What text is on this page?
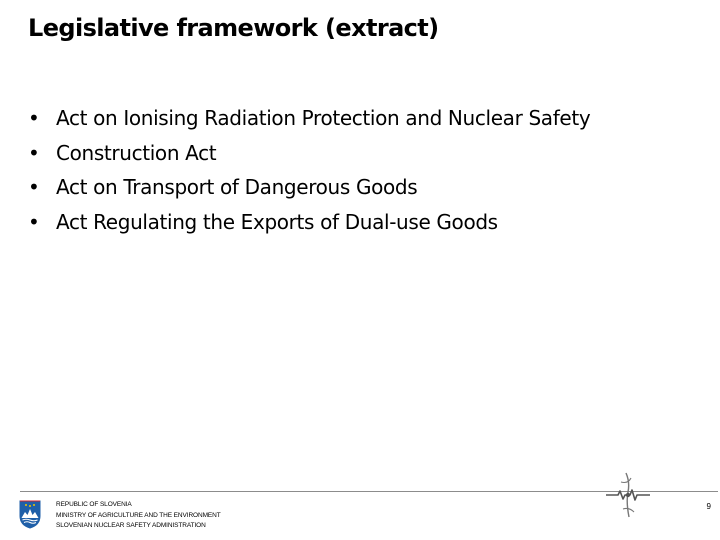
Legislative framework (extract)
• Act on Ionising Radiation Protection and Nuclear Safety
• Construction Act
• Act on Transport of Dangerous Goods
• Act Regulating the Exports of Dual-use Goods
REPUBLIC OF SLOVENIA
MINISTRY OF AGRICULTURE AND THE ENVIRONMENT
SLOVENIAN NUCLEAR SAFETY ADMINISTRATION
9
